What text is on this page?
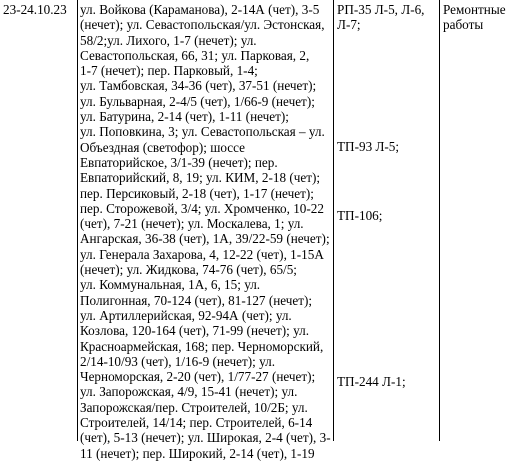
23-24.10.23	ул. Войкова (Караманова), 2-14А (чет), 3-5
(нечет); ул. Севастопольская/ул. Эстонская,
58/2;ул. Лихого, 1-7 (нечет); ул.
Севастопольская, 66, 31; ул. Парковая, 2,
1-7 (нечет); пер. Парковый, 1-4;
ул. Тамбовская, 34-36 (чет), 37-51 (нечет);
ул. Бульварная, 2-4/5 (чет), 1/66-9 (нечет);
ул. Батурина, 2-14 (чет), 1-11 (нечет);
ул. Поповкина, 3; ул. Севастопольская – ул.
Объездная (светофор); шоссе
Евпаторийское, 3/1-39 (нечет); пер.
Евпаторийский, 8, 19; ул. КИМ, 2-18 (чет);
пер. Персиковый, 2-18 (чет), 1-17 (нечет);
пер. Сторожевой, 3/4; ул. Хромченко, 10-22
(чет), 7-21 (нечет); ул. Москалева, 1; ул.
Ангарская, 36-38 (чет), 1А, 39/22-59 (нечет);
ул. Генерала Захарова, 4, 12-22 (чет), 1-15А
(нечет); ул. Жидкова, 74-76 (чет), 65/5;
ул. Коммунальная, 1А, 6, 15; ул.
Полигонная, 70-124 (чет), 81-127 (нечет);
ул. Артиллерийская, 92-94А (чет); ул.
Козлова, 120-164 (чет), 71-99 (нечет); ул.
Красноармейская, 168; пер. Черноморский,
2/14-10/93 (чет), 1/16-9 (нечет); ул.
Черноморская, 2-20 (чет), 1/77-27 (нечет);
ул. Запорожская, 4/9, 15-41 (нечет); ул.
Запорожская/пер. Строителей, 10/2Б; ул.
Строителей, 14/14; пер. Строителей, 6-14
(чет), 5-13 (нечет); ул. Широкая, 2-4 (чет), 3-
11 (нечет); пер. Широкий, 2-14 (чет), 1-19
РП-35 Л-5, Л-6,
Л-7;
ТП-93 Л-5;
ТП-106;
ТП-244 Л-1;
Ремонтные
работы
